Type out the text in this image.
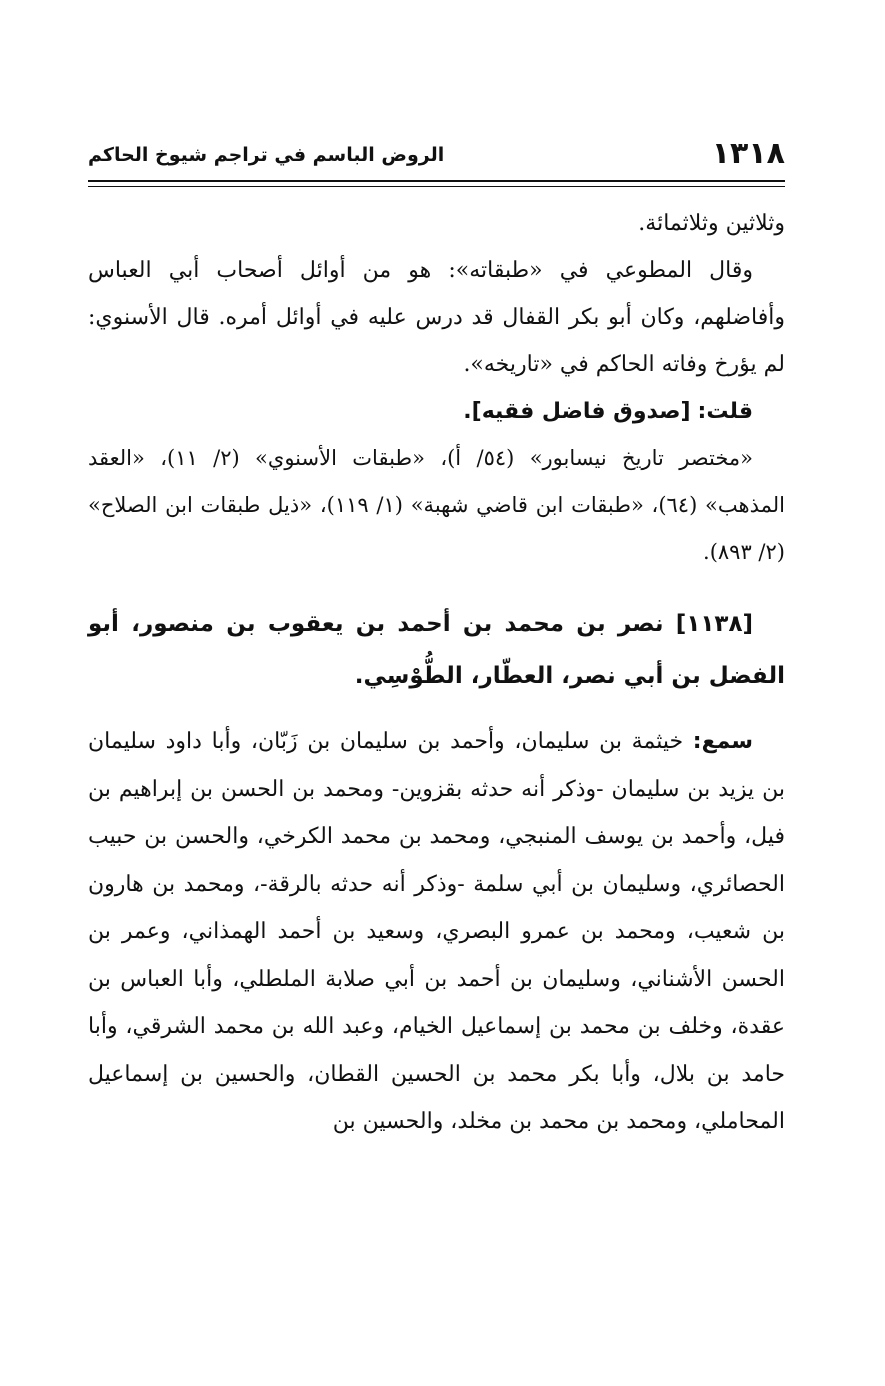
١٣١٨
الروض الباسم في تراجم شيوخ الحاكم

وثلاثين وثلاثمائة.

وقال المطوعي في «طبقاته»: هو من أوائل أصحاب أبي العباس وأفاضلهم، وكان أبو بكر القفال قد درس عليه في أوائل أمره. قال الأسنوي: لم يؤرخ وفاته الحاكم في «تاريخه».

قلت: [صدوق فاضل فقيه].

«مختصر تاريخ نيسابور» (٥٤/ أ)، «طبقات الأسنوي» (٢/ ١١)، «العقد المذهب» (٦٤)، «طبقات ابن قاضي شهبة» (١/ ١١٩)، «ذيل طبقات ابن الصلاح» (٢/ ٨٩٣).

[١١٣٨] نصر بن محمد بن أحمد بن يعقوب بن منصور، أبو الفضل بن أبي نصر، العطّار، الطُّوْسِي.

سمع: خيثمة بن سليمان، وأحمد بن سليمان بن زَبّان، وأبا داود سليمان بن يزيد بن سليمان -وذكر أنه حدثه بقزوين- ومحمد بن الحسن بن إبراهيم بن فيل، وأحمد بن يوسف المنبجي، ومحمد بن محمد الكرخي، والحسن بن حبيب الحصائري، وسليمان بن أبي سلمة -وذكر أنه حدثه بالرقة-، ومحمد بن هارون بن شعيب، ومحمد بن عمرو البصري، وسعيد بن أحمد الهمذاني، وعمر بن الحسن الأشناني، وسليمان بن أحمد بن أبي صلابة الملطلي، وأبا العباس بن عقدة، وخلف بن محمد بن إسماعيل الخيام، وعبد الله بن محمد الشرقي، وأبا حامد بن بلال، وأبا بكر محمد بن الحسين القطان، والحسين بن إسماعيل المحاملي، ومحمد بن محمد بن مخلد، والحسين بن
